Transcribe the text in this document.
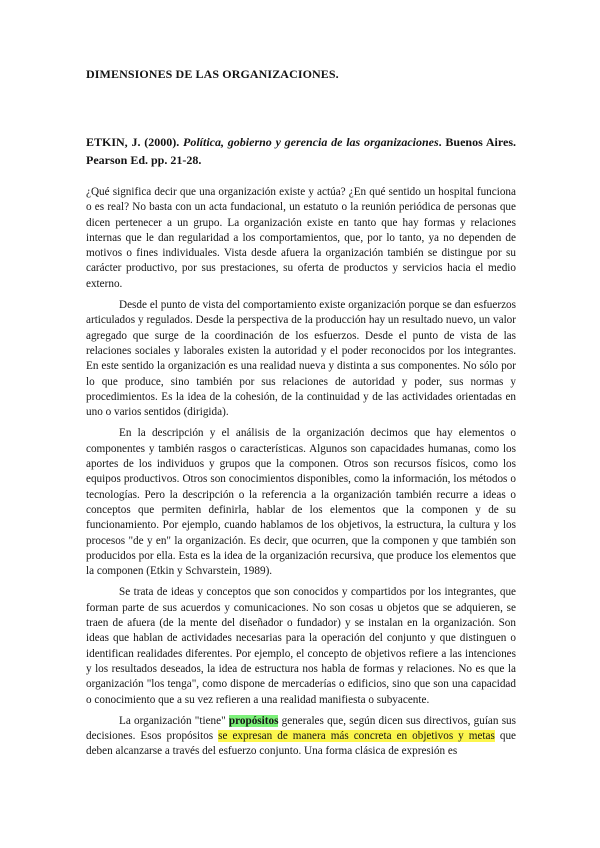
DIMENSIONES DE LAS ORGANIZACIONES.
ETKIN, J. (2000). Política, gobierno y gerencia de las organizaciones. Buenos Aires. Pearson Ed. pp. 21-28.

¿Qué significa decir que una organización existe y actúa? ¿En qué sentido un hospital funciona o es real? No basta con un acta fundacional, un estatuto o la reunión periódica de personas que dicen pertenecer a un grupo. La organización existe en tanto que hay formas y relaciones internas que le dan regularidad a los comportamientos, que, por lo tanto, ya no dependen de motivos o fines individuales. Vista desde afuera la organización también se distingue por su carácter productivo, por sus prestaciones, su oferta de productos y servicios hacia el medio externo.

Desde el punto de vista del comportamiento existe organización porque se dan esfuerzos articulados y regulados. Desde la perspectiva de la producción hay un resultado nuevo, un valor agregado que surge de la coordinación de los esfuerzos. Desde el punto de vista de las relaciones sociales y laborales existen la autoridad y el poder reconocidos por los integrantes. En este sentido la organización es una realidad nueva y distinta a sus componentes. No sólo por lo que produce, sino también por sus relaciones de autoridad y poder, sus normas y procedimientos. Es la idea de la cohesión, de la continuidad y de las actividades orientadas en uno o varios sentidos (dirigida).

En la descripción y el análisis de la organización decimos que hay elementos o componentes y también rasgos o características. Algunos son capacidades humanas, como los aportes de los individuos y grupos que la componen. Otros son recursos físicos, como los equipos productivos. Otros son conocimientos disponibles, como la información, los métodos o tecnologías. Pero la descripción o la referencia a la organización también recurre a ideas o conceptos que permiten definirla, hablar de los elementos que la componen y de su funcionamiento. Por ejemplo, cuando hablamos de los objetivos, la estructura, la cultura y los procesos "de y en" la organización. Es decir, que ocurren, que la componen y que también son producidos por ella. Esta es la idea de la organización recursiva, que produce los elementos que la componen (Etkin y Schvarstein, 1989).

Se trata de ideas y conceptos que son conocidos y compartidos por los integrantes, que forman parte de sus acuerdos y comunicaciones. No son cosas u objetos que se adquieren, se traen de afuera (de la mente del diseñador o fundador) y se instalan en la organización. Son ideas que hablan de actividades necesarias para la operación del conjunto y que distinguen o identifican realidades diferentes. Por ejemplo, el concepto de objetivos refiere a las intenciones y los resultados deseados, la idea de estructura nos habla de formas y relaciones. No es que la organización "los tenga", como dispone de mercaderías o edificios, sino que son una capacidad o conocimiento que a su vez refieren a una realidad manifiesta o subyacente.

La organización "tiene" propósitos generales que, según dicen sus directivos, guían sus decisiones. Esos propósitos se expresan de manera más concreta en objetivos y metas que deben alcanzarse a través del esfuerzo conjunto. Una forma clásica de expresión es
